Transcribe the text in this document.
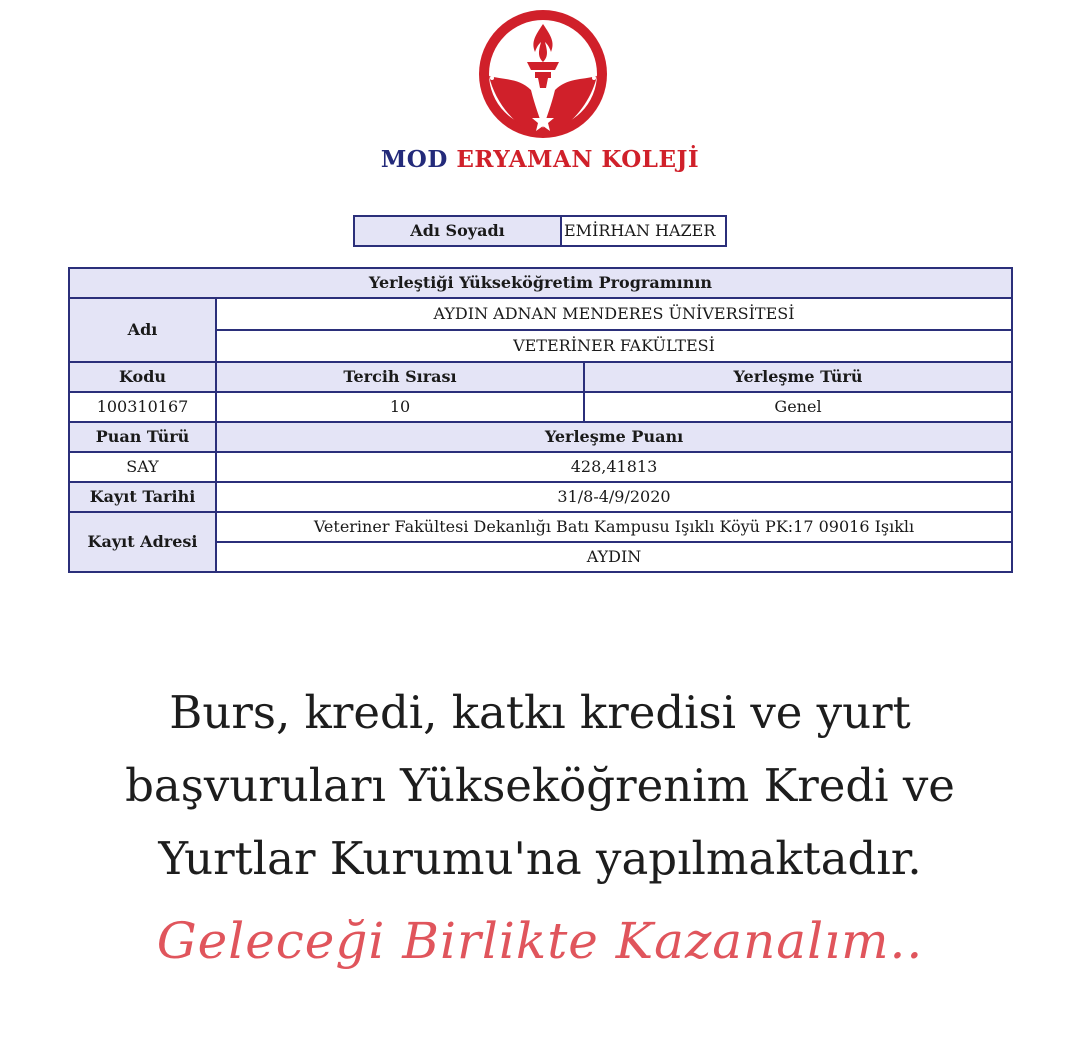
MOD ERYAMAN KOLEJİ
Adı Soyadı	EMİRHAN HAZER
Yerleştiği Yükseköğretim Programının		
Adı	AYDIN ADNAN MENDERES ÜNİVERSİTESİ	
	VETERİNER FAKÜLTESİ	
Kodu	Tercih Sırası	Yerleşme Türü
100310167	10	Genel
Puan Türü	Yerleşme Puanı	
SAY	428,41813	
Kayıt Tarihi	31/8-4/9/2020	
Kayıt Adresi	Veteriner Fakültesi Dekanlığı Batı Kampusu Işıklı Köyü PK:17 09016 Işıklı	
	AYDIN	
Burs, kredi, katkı kredisi ve yurt
başvuruları Yükseköğrenim Kredi ve
Yurtlar Kurumu'na yapılmaktadır.
Geleceği Birlikte Kazanalım..
